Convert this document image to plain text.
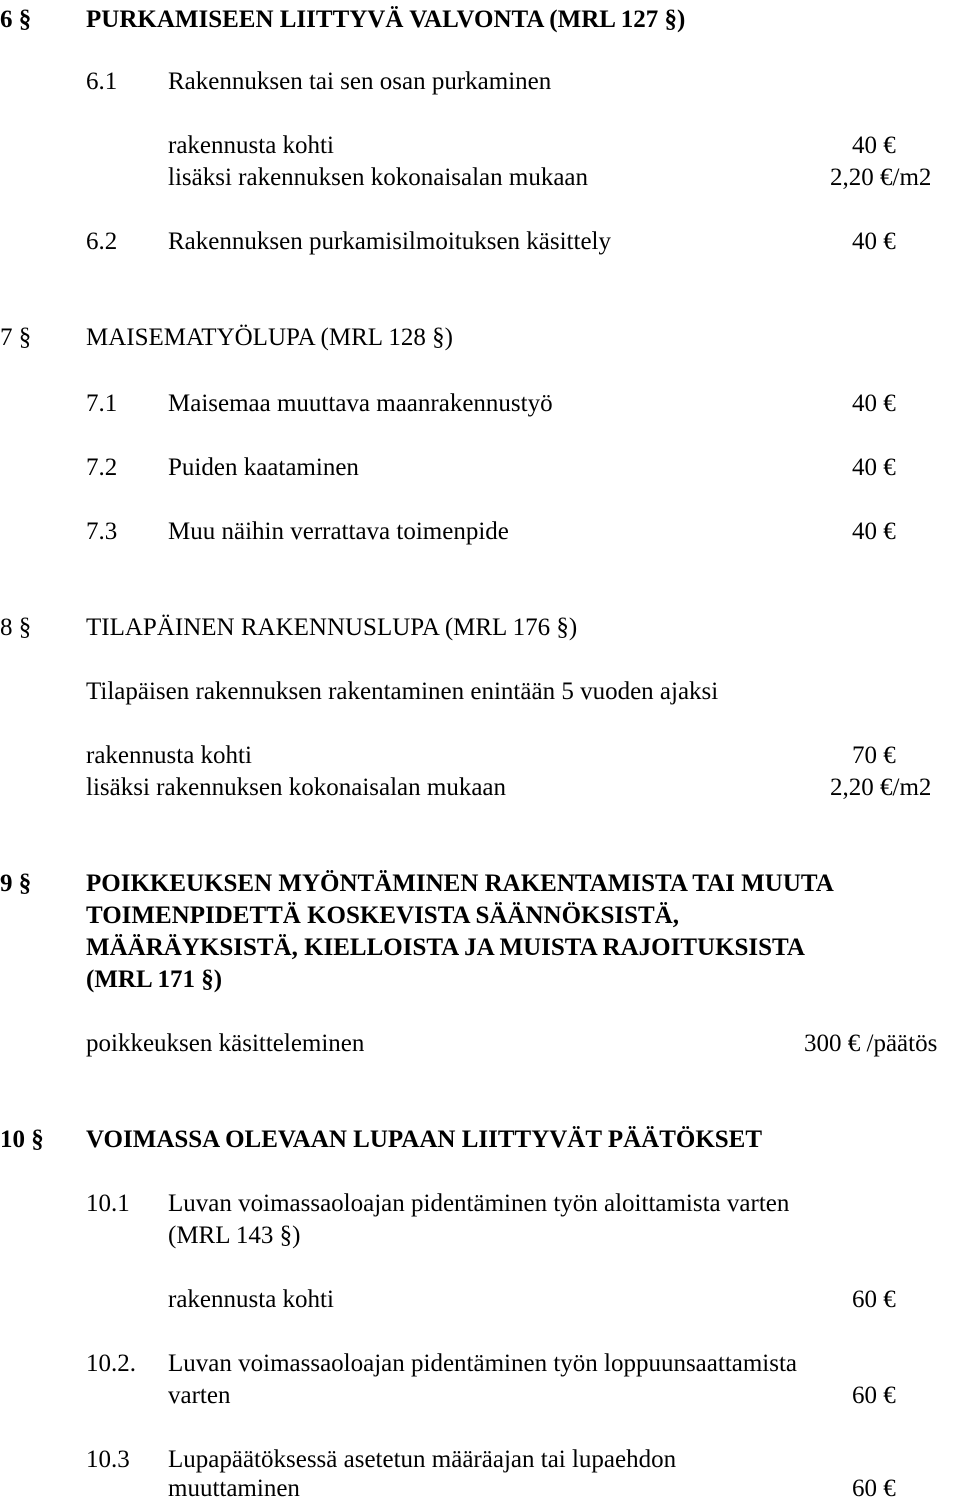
6 § PURKAMISEEN LIITTYVÄ VALVONTA (MRL 127 §)
6.1 Rakennuksen tai sen osan purkaminen
rakennusta kohti	40 €
lisäksi rakennuksen kokonaisalan mukaan	2,20 €/m2
6.2 Rakennuksen purkamisilmoituksen käsittely	40 €
7 § MAISEMATYÖLUPA (MRL 128 §)
7.1 Maisemaa muuttava maanrakennustyö	40 €
7.2 Puiden kaataminen	40 €
7.3 Muu näihin verrattava toimenpide	40 €
8 § TILAPÄINEN RAKENNUSLUPA (MRL 176 §)
Tilapäisen rakennuksen rakentaminen enintään 5 vuoden ajaksi
rakennusta kohti	70 €
lisäksi rakennuksen kokonaisalan mukaan	2,20 €/m2
9 § POIKKEUKSEN MYÖNTÄMINEN RAKENTAMISTA TAI MUUTA
TOIMENPIDETTÄ KOSKEVISTA SÄÄNNÖKSISTÄ,
MÄÄRÄYKSISTÄ, KIELLOISTA JA MUISTA RAJOITUKSISTA
(MRL 171 §)
poikkeuksen käsitteleminen	300 € /päätös
10 § VOIMASSA OLEVAAN LUPAAN LIITTYVÄT PÄÄTÖKSET
10.1 Luvan voimassaoloajan pidentäminen työn aloittamista varten
(MRL 143 §)
rakennusta kohti	60 €
10.2. Luvan voimassaoloajan pidentäminen työn loppuunsaattamista
varten	60 €
10.3 Lupapäätöksessä asetetun määräajan tai lupaehdon
muuttaminen	60 €
